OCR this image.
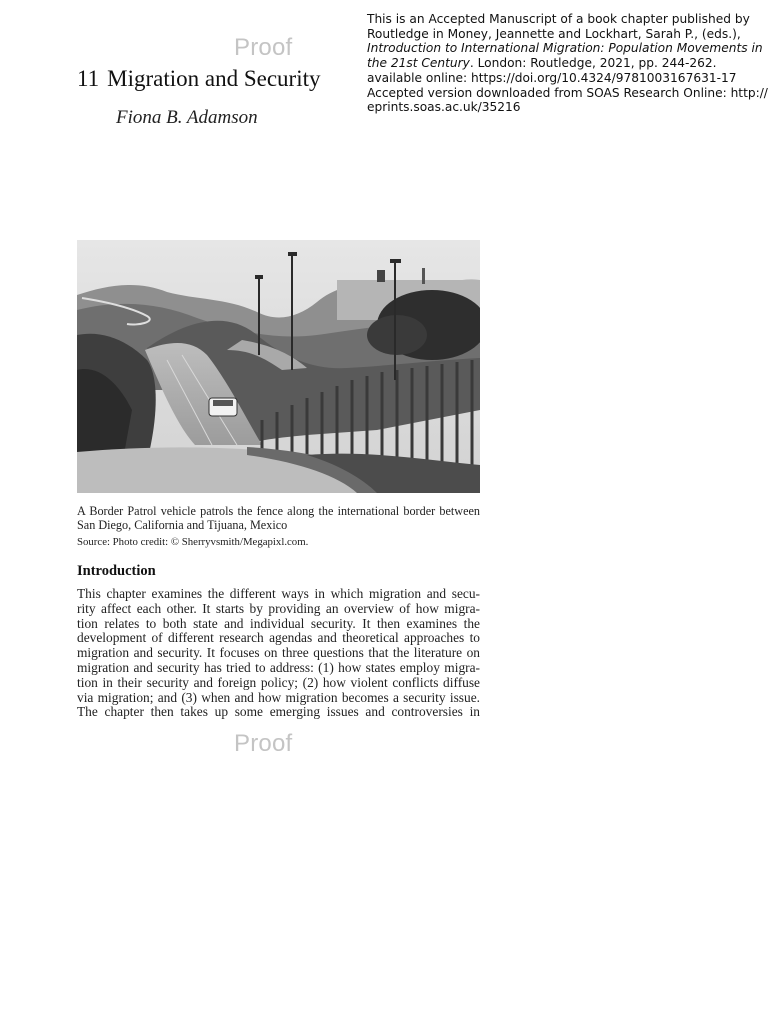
This is an Accepted Manuscript of a book chapter published by
Routledge in Money, Jeannette and Lockhart, Sarah P., (eds.),
Introduction to International Migration: Population Movements in
the 21st Century. London: Routledge, 2021, pp. 244-262.
available online: https://doi.org/10.4324/9781003167631-17
Accepted version downloaded from SOAS Research Online: http://
eprints.soas.ac.uk/35216
Proof
11 Migration and Security
Fiona B. Adamson
A Border Patrol vehicle patrols the fence along the international border between San Diego, California and Tijuana, Mexico
Source: Photo credit: © Sherryvsmith/Megapixl.com.
Introduction
This chapter examines the different ways in which migration and secu-
rity affect each other. It starts by providing an overview of how migra-
tion relates to both state and individual security. It then examines the
development of different research agendas and theoretical approaches to
migration and security. It focuses on three questions that the literature on
migration and security has tried to address: (1) how states employ migra-
tion in their security and foreign policy; (2) how violent conflicts diffuse
via migration; and (3) when and how migration becomes a security issue.
The chapter then takes up some emerging issues and controversies in
Proof
